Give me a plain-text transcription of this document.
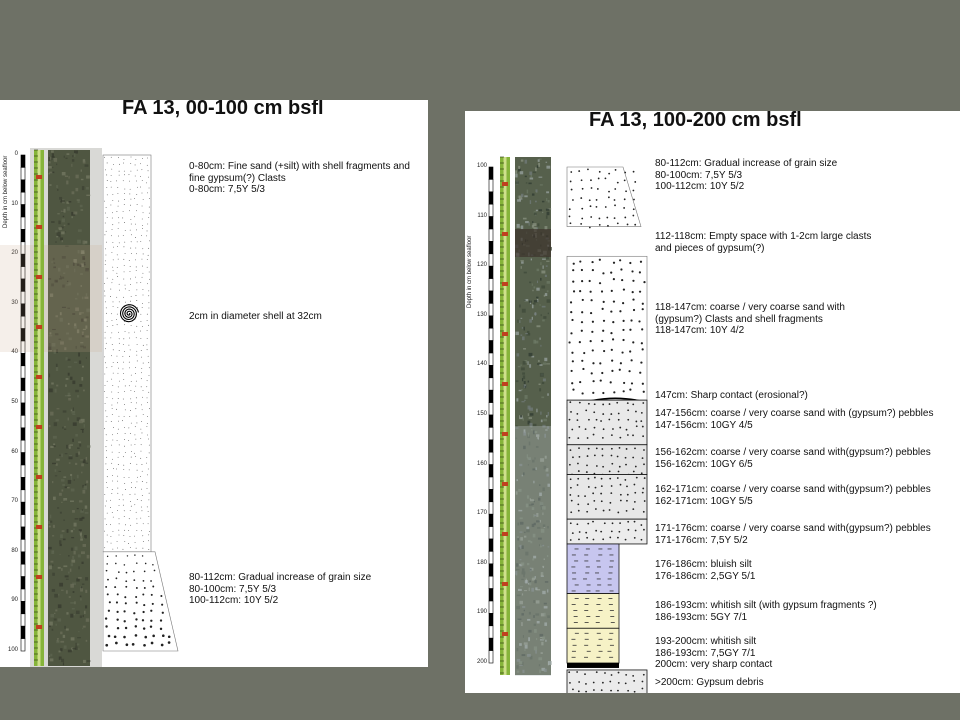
FA 13, 00-100 cm bsfl
Depth in cm below seafloor
0
10
20
30
40
50
60
70
80
90
100
0-80cm: Fine sand (+silt) with shell fragments and
fine gypsum(?) Clasts
0-80cm: 7,5Y 5/3
2cm in diameter shell at 32cm
80-112cm: Gradual increase of grain size
80-100cm: 7,5Y 5/3
100-112cm: 10Y 5/2
FA 13, 100-200 cm bsfl
Depth in cm below seafloor
100
110
120
130
140
150
160
170
180
190
200
80-112cm: Gradual increase of grain size
80-100cm: 7,5Y 5/3
100-112cm: 10Y 5/2
112-118cm: Empty space with 1-2cm large clasts
and pieces of gypsum(?)
118-147cm: coarse / very coarse sand with
(gypsum?) Clasts and shell fragments
118-147cm: 10Y 4/2
147cm: Sharp contact (erosional?)
147-156cm: coarse / very coarse sand with (gypsum?) pebbles
147-156cm: 10GY 4/5
156-162cm: coarse / very coarse sand with(gypsum?) pebbles
156-162cm: 10GY 6/5
162-171cm: coarse / very coarse sand with(gypsum?) pebbles
162-171cm: 10GY 5/5
171-176cm: coarse / very coarse sand with(gypsum?) pebbles
171-176cm: 7,5Y 5/2
176-186cm: bluish silt
176-186cm: 2,5GY 5/1
186-193cm: whitish silt (with gypsum fragments ?)
186-193cm: 5GY 7/1
193-200cm: whitish silt
186-193cm: 7,5GY 7/1
200cm: very sharp contact
>200cm: Gypsum debris
